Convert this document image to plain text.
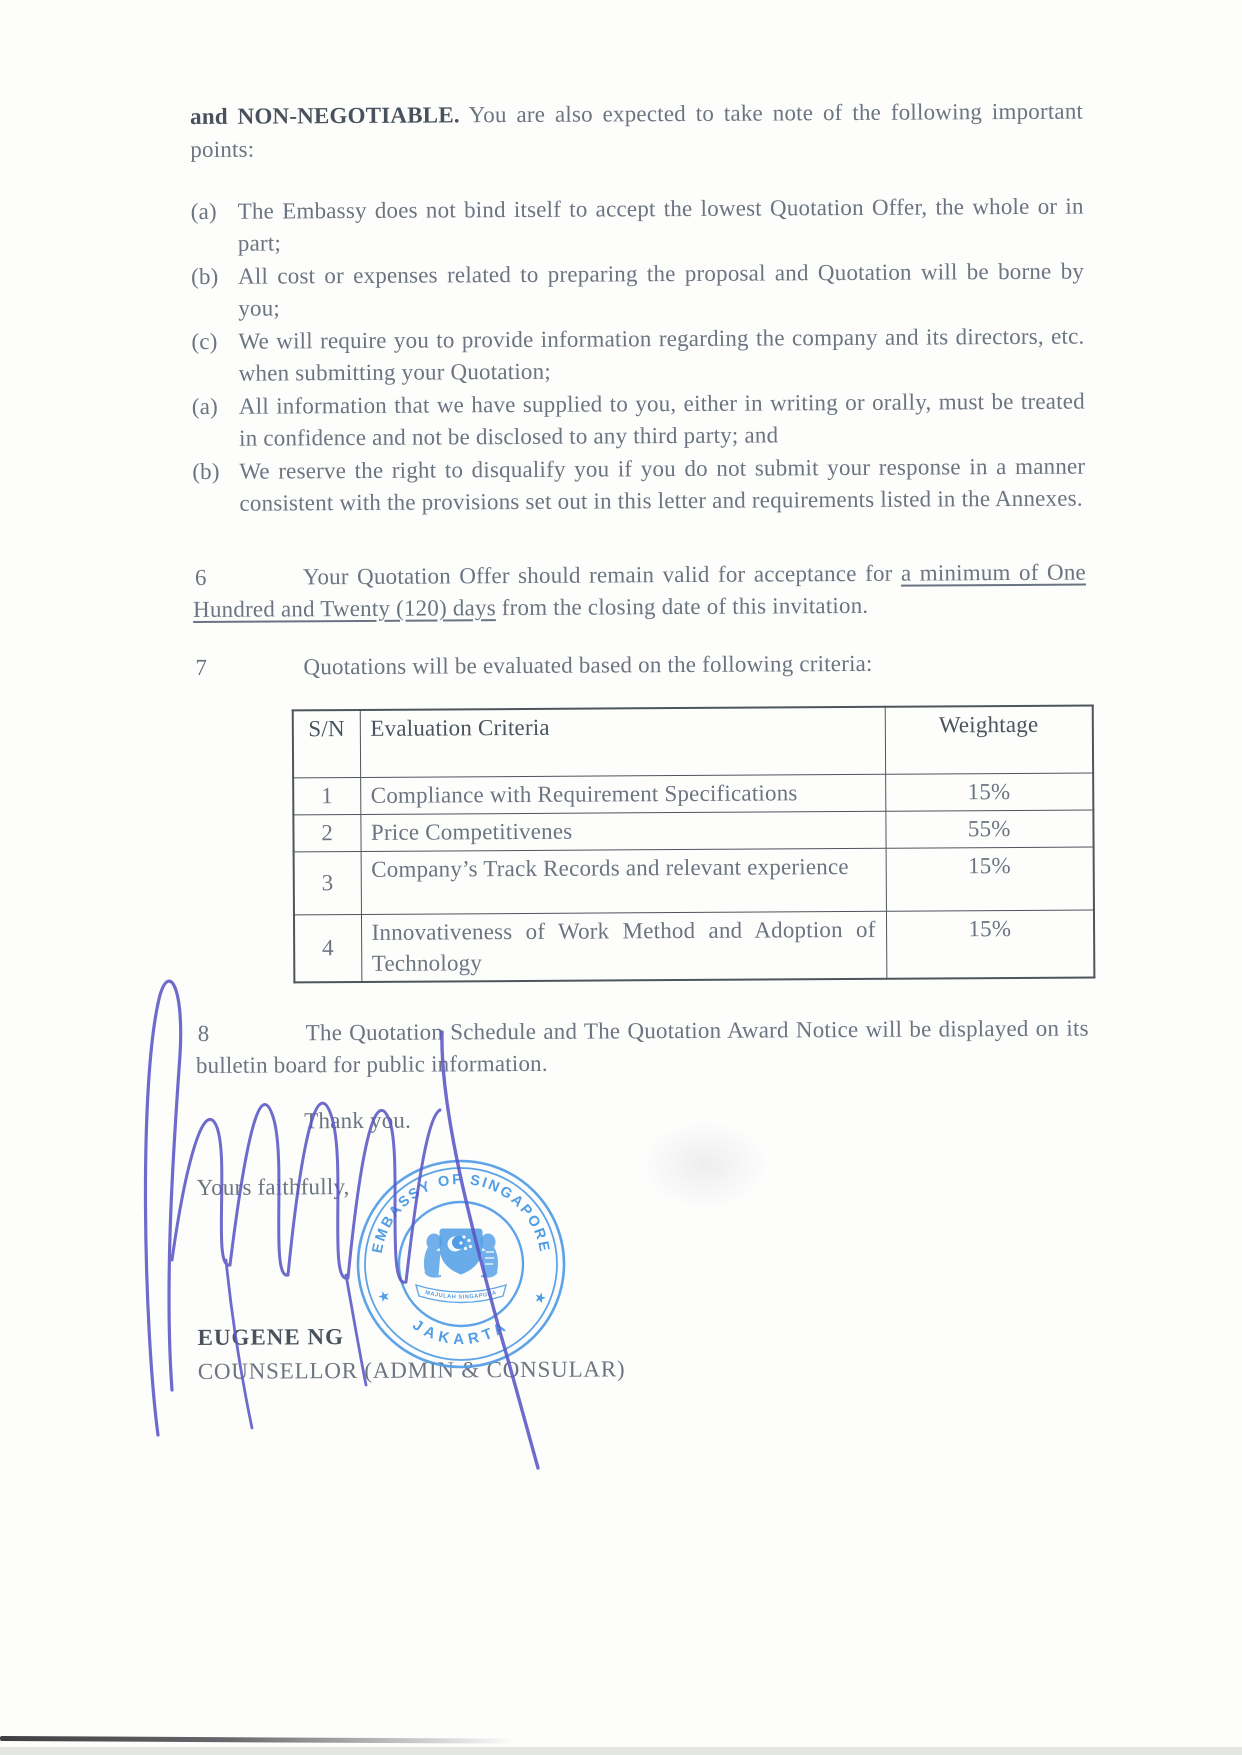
and NON-NEGOTIABLE. You are also expected to take note of the following important points:

(a) The Embassy does not bind itself to accept the lowest Quotation Offer, the whole or in part;
(b) All cost or expenses related to preparing the proposal and Quotation will be borne by you;
(c) We will require you to provide information regarding the company and its directors, etc. when submitting your Quotation;
(a) All information that we have supplied to you, either in writing or orally, must be treated in confidence and not be disclosed to any third party; and
(b) We reserve the right to disqualify you if you do not submit your response in a manner consistent with the provisions set out in this letter and requirements listed in the Annexes.

6	Your Quotation Offer should remain valid for acceptance for a minimum of One Hundred and Twenty (120) days from the closing date of this invitation.

7	Quotations will be evaluated based on the following criteria:

S/N	Evaluation Criteria	Weightage
1	Compliance with Requirement Specifications	15%
2	Price Competitivenes	55%
3	Company’s Track Records and relevant experience	15%
4	Innovativeness of Work Method and Adoption of Technology	15%

8	The Quotation Schedule and The Quotation Award Notice will be displayed on its bulletin board for public information.

Thank you.

Yours faithfully,

EUGENE NG

COUNSELLOR (ADMIN & CONSULAR)

EMBASSY OF SINGAPORE
JAKARTA
★	★
MAJULAH SINGAPURA
